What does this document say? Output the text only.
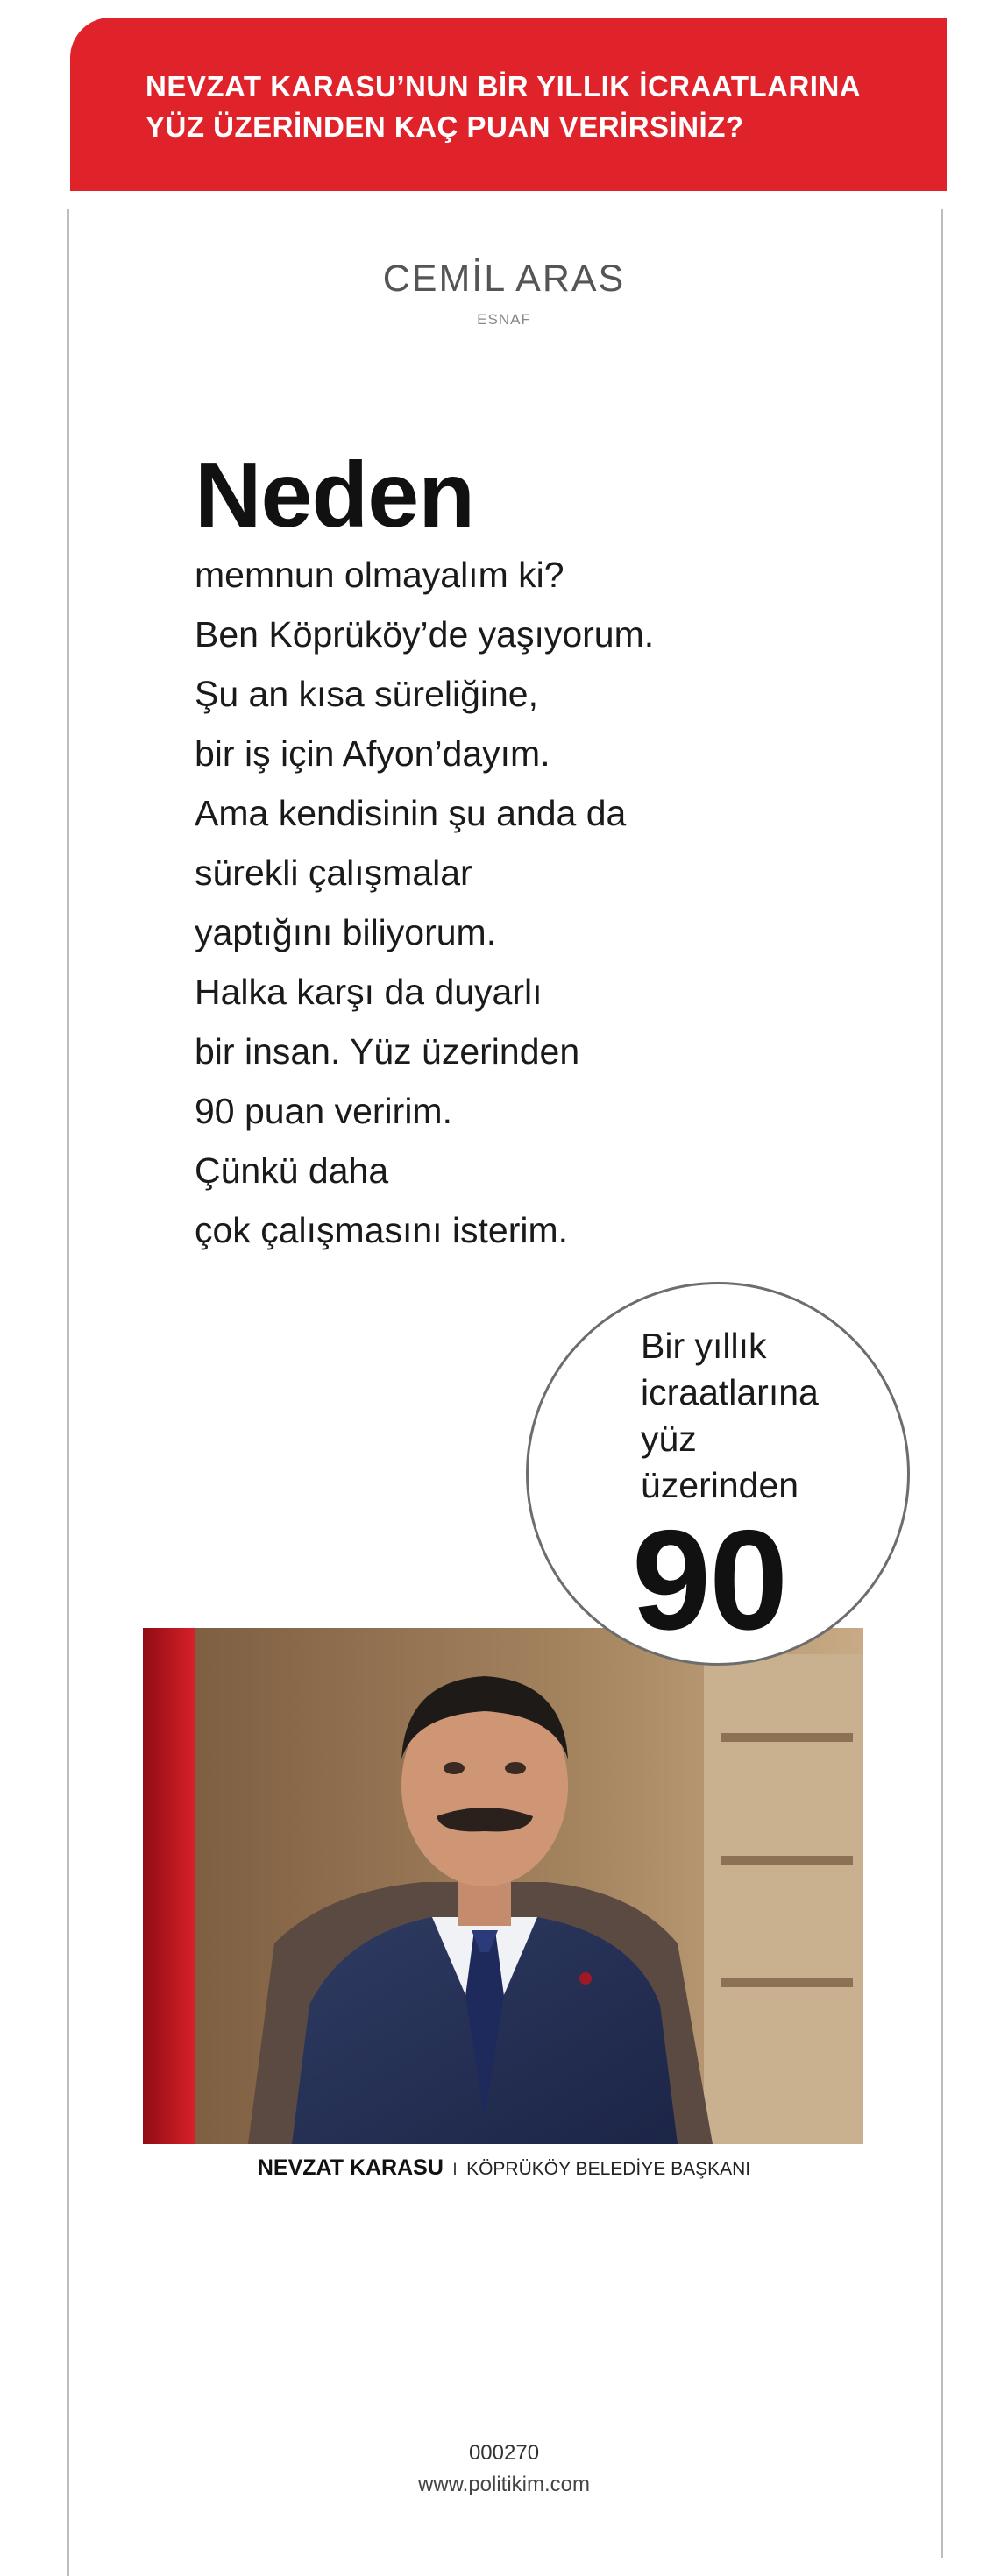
NEVZAT KARASU’NUN BİR YILLIK İCRAATLARINA
YÜZ ÜZERİNDEN KAÇ PUAN VERİRSİNİZ?
CEMİL ARAS
ESNAF
Neden
memnun olmayalım ki?
Ben Köprüköy’de yaşıyorum.
Şu an kısa süreliğine,
bir iş için Afyon’dayım.
Ama kendisinin şu anda da
sürekli çalışmalar
yaptığını biliyorum.
Halka karşı da duyarlı
bir insan. Yüz üzerinden
90 puan veririm.
Çünkü daha
çok çalışmasını isterim.
Bir yıllık
icraatlarına
yüz
üzerinden
90
NEVZAT KARASU I KÖPRÜKÖY BELEDİYE BAŞKANI
000270
www.politikim.com
